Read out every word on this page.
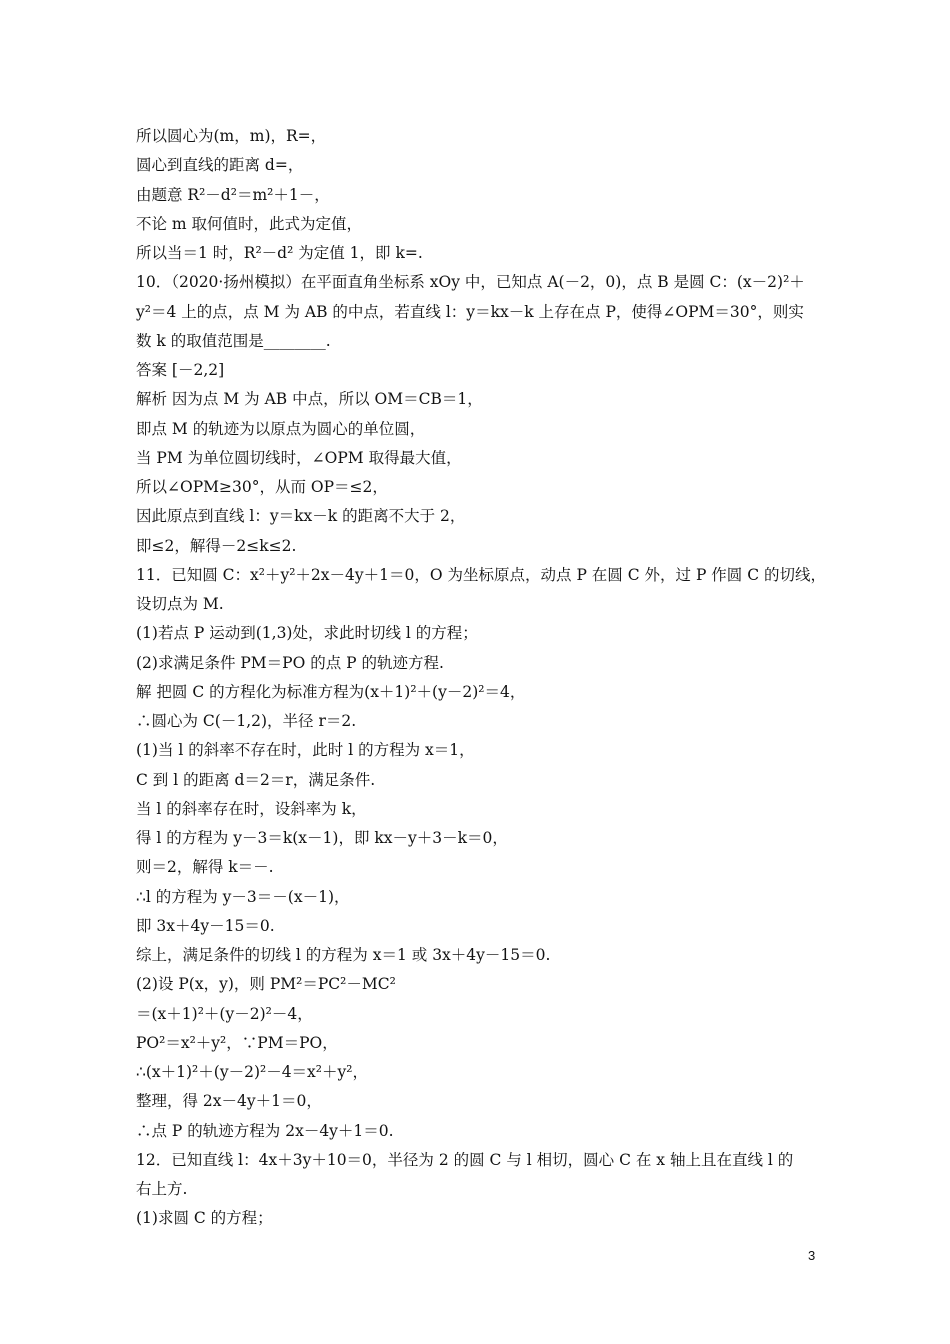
所以圆心为(m，m)，R=，
圆心到直线的距离 d=，
由题意 R²－d²＝m²＋1－，
不论 m 取何值时，此式为定值，
所以当＝1 时，R²－d² 为定值 1，即 k=.
10．（2020·扬州模拟）在平面直角坐标系 xOy 中，已知点 A(－2，0)，点 B 是圆 C：(x－2)²＋
y²＝4 上的点，点 M 为 AB 的中点，若直线 l：y＝kx－k 上存在点 P，使得∠OPM＝30°，则实
数 k 的取值范围是________.
答案 [－2,2]
解析 因为点 M 为 AB 中点，所以 OM＝CB＝1，
即点 M 的轨迹为以原点为圆心的单位圆，
当 PM 为单位圆切线时，∠OPM 取得最大值，
所以∠OPM≥30°，从而 OP＝≤2，
因此原点到直线 l：y＝kx－k 的距离不大于 2，
即≤2，解得－2≤k≤2.
11．已知圆 C：x²＋y²＋2x－4y＋1＝0，O 为坐标原点，动点 P 在圆 C 外，过 P 作圆 C 的切线，
设切点为 M.
(1)若点 P 运动到(1,3)处，求此时切线 l 的方程；
(2)求满足条件 PM＝PO 的点 P 的轨迹方程.
解 把圆 C 的方程化为标准方程为(x＋1)²＋(y－2)²＝4，
∴圆心为 C(－1,2)，半径 r＝2.
(1)当 l 的斜率不存在时，此时 l 的方程为 x＝1，
C 到 l 的距离 d＝2＝r，满足条件.
当 l 的斜率存在时，设斜率为 k，
得 l 的方程为 y－3＝k(x－1)，即 kx－y＋3－k＝0，
则＝2，解得 k＝－.
∴l 的方程为 y－3＝－(x－1)，
即 3x＋4y－15＝0.
综上，满足条件的切线 l 的方程为 x＝1 或 3x＋4y－15＝0.
(2)设 P(x，y)，则 PM²＝PC²－MC²
＝(x＋1)²＋(y－2)²－4，
PO²＝x²＋y²，∵PM＝PO，
∴(x＋1)²＋(y－2)²－4＝x²＋y²，
整理，得 2x－4y＋1＝0，
∴点 P 的轨迹方程为 2x－4y＋1＝0.
12．已知直线 l：4x＋3y＋10＝0，半径为 2 的圆 C 与 l 相切，圆心 C 在 x 轴上且在直线 l 的
右上方.
(1)求圆 C 的方程；
3
